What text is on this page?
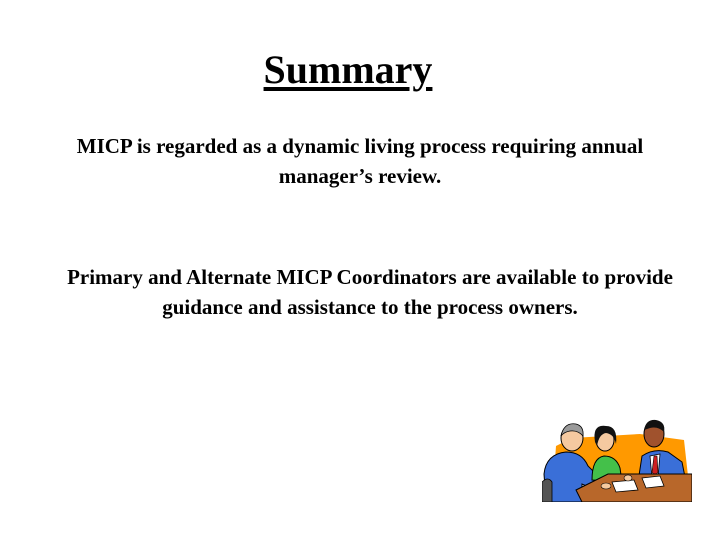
Summary

MICP is regarded as a dynamic living process requiring annual manager’s review.

Primary and Alternate MICP Coordinators are available to provide guidance and assistance to the process owners.
